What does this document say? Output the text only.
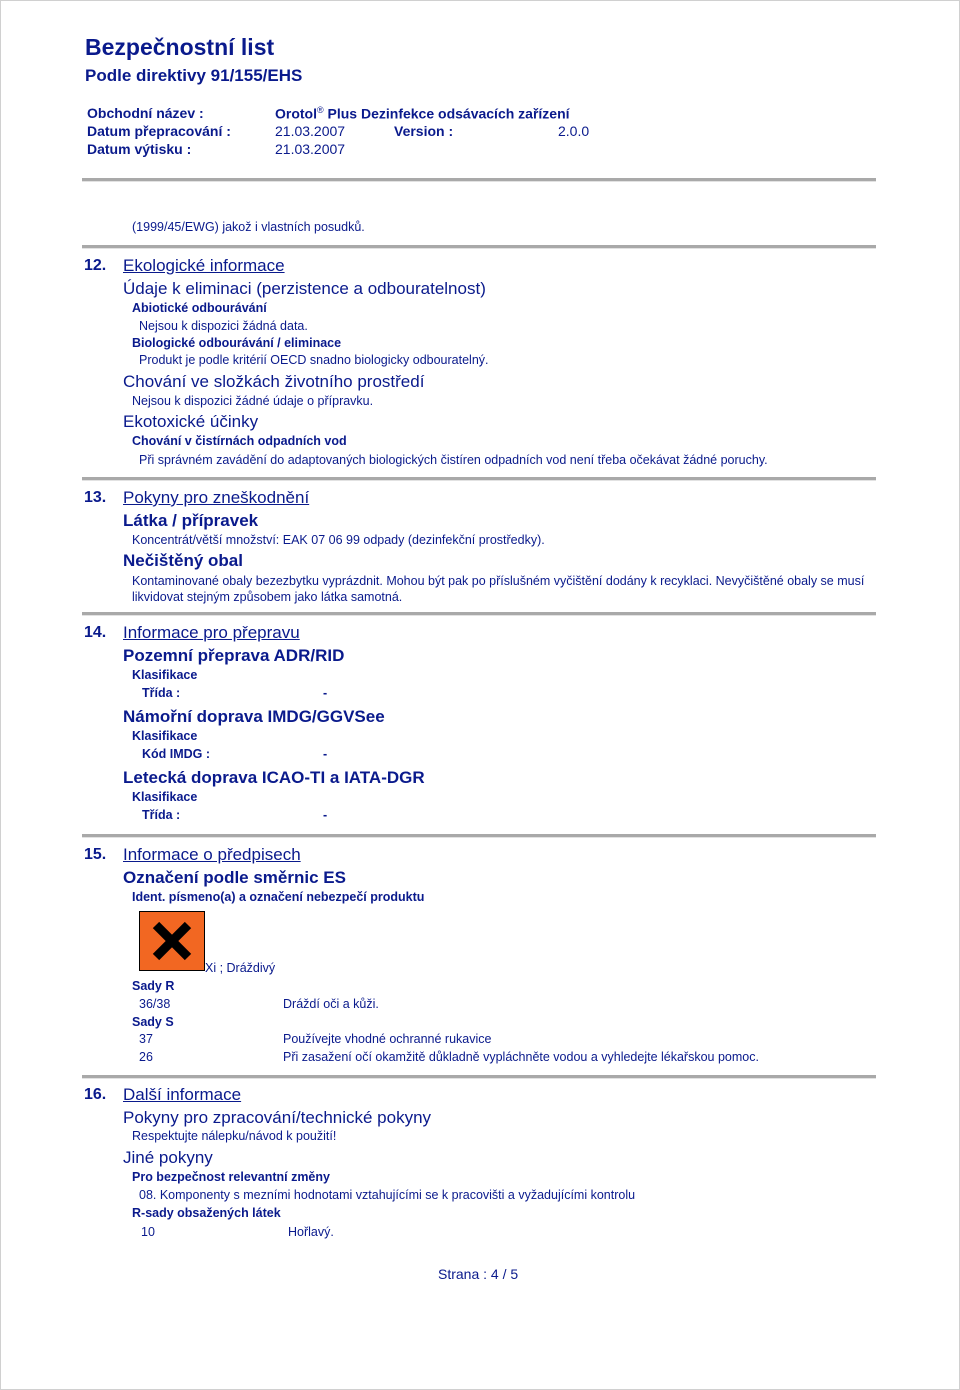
Bezpečnostní list
Podle direktivy 91/155/EHS
Obchodní název :	Orotol® Plus Dezinfekce odsávacích zařízení
Datum přepracování :	21.03.2007	Version :	2.0.0
Datum výtisku :	21.03.2007
(1999/45/EWG) jakož i vlastních posudků.
12. Ekologické informace
Údaje k eliminaci (perzistence a odbouratelnost)
Abiotické odbourávání
Nejsou k dispozici žádná data.
Biologické odbourávání / eliminace
Produkt je podle kritérií OECD snadno biologicky odbouratelný.
Chování ve složkách životního prostředí
Nejsou k dispozici žádné údaje o přípravku.
Ekotoxické účinky
Chování v čistírnách odpadních vod
Při správném zavádění do adaptovaných biologických čistíren odpadních vod není třeba očekávat žádné poruchy.
13. Pokyny pro zneškodnění
Látka / přípravek
Koncentrát/větší množství: EAK 07 06 99 odpady (dezinfekční prostředky).
Nečištěný obal
Kontaminované obaly bezezbytku vyprázdnit. Mohou být pak po příslušném vyčištění dodány k recyklaci. Nevyčištěné obaly se musí likvidovat stejným způsobem jako látka samotná.
14. Informace pro přepravu
Pozemní přeprava ADR/RID
Klasifikace
Třída :	-
Námořní doprava IMDG/GGVSee
Klasifikace
Kód IMDG :	-
Letecká doprava ICAO-TI a IATA-DGR
Klasifikace
Třída :	-
15. Informace o předpisech
Označení podle směrnic ES
Ident. písmeno(a) a označení nebezpečí produktu
Xi ; Dráždivý
Sady R
36/38	Dráždí oči a kůži.
Sady S
37	Používejte vhodné ochranné rukavice
26	Při zasažení očí okamžitě důkladně vypláchněte vodou a vyhledejte lékařskou pomoc.
16. Další informace
Pokyny pro zpracování/technické pokyny
Respektujte nálepku/návod k použití!
Jiné pokyny
Pro bezpečnost relevantní změny
08. Komponenty s mezními hodnotami vztahujícími se k pracovišti a vyžadujícími kontrolu
R-sady obsažených látek
10	Hořlavý.
Strana : 4 / 5
